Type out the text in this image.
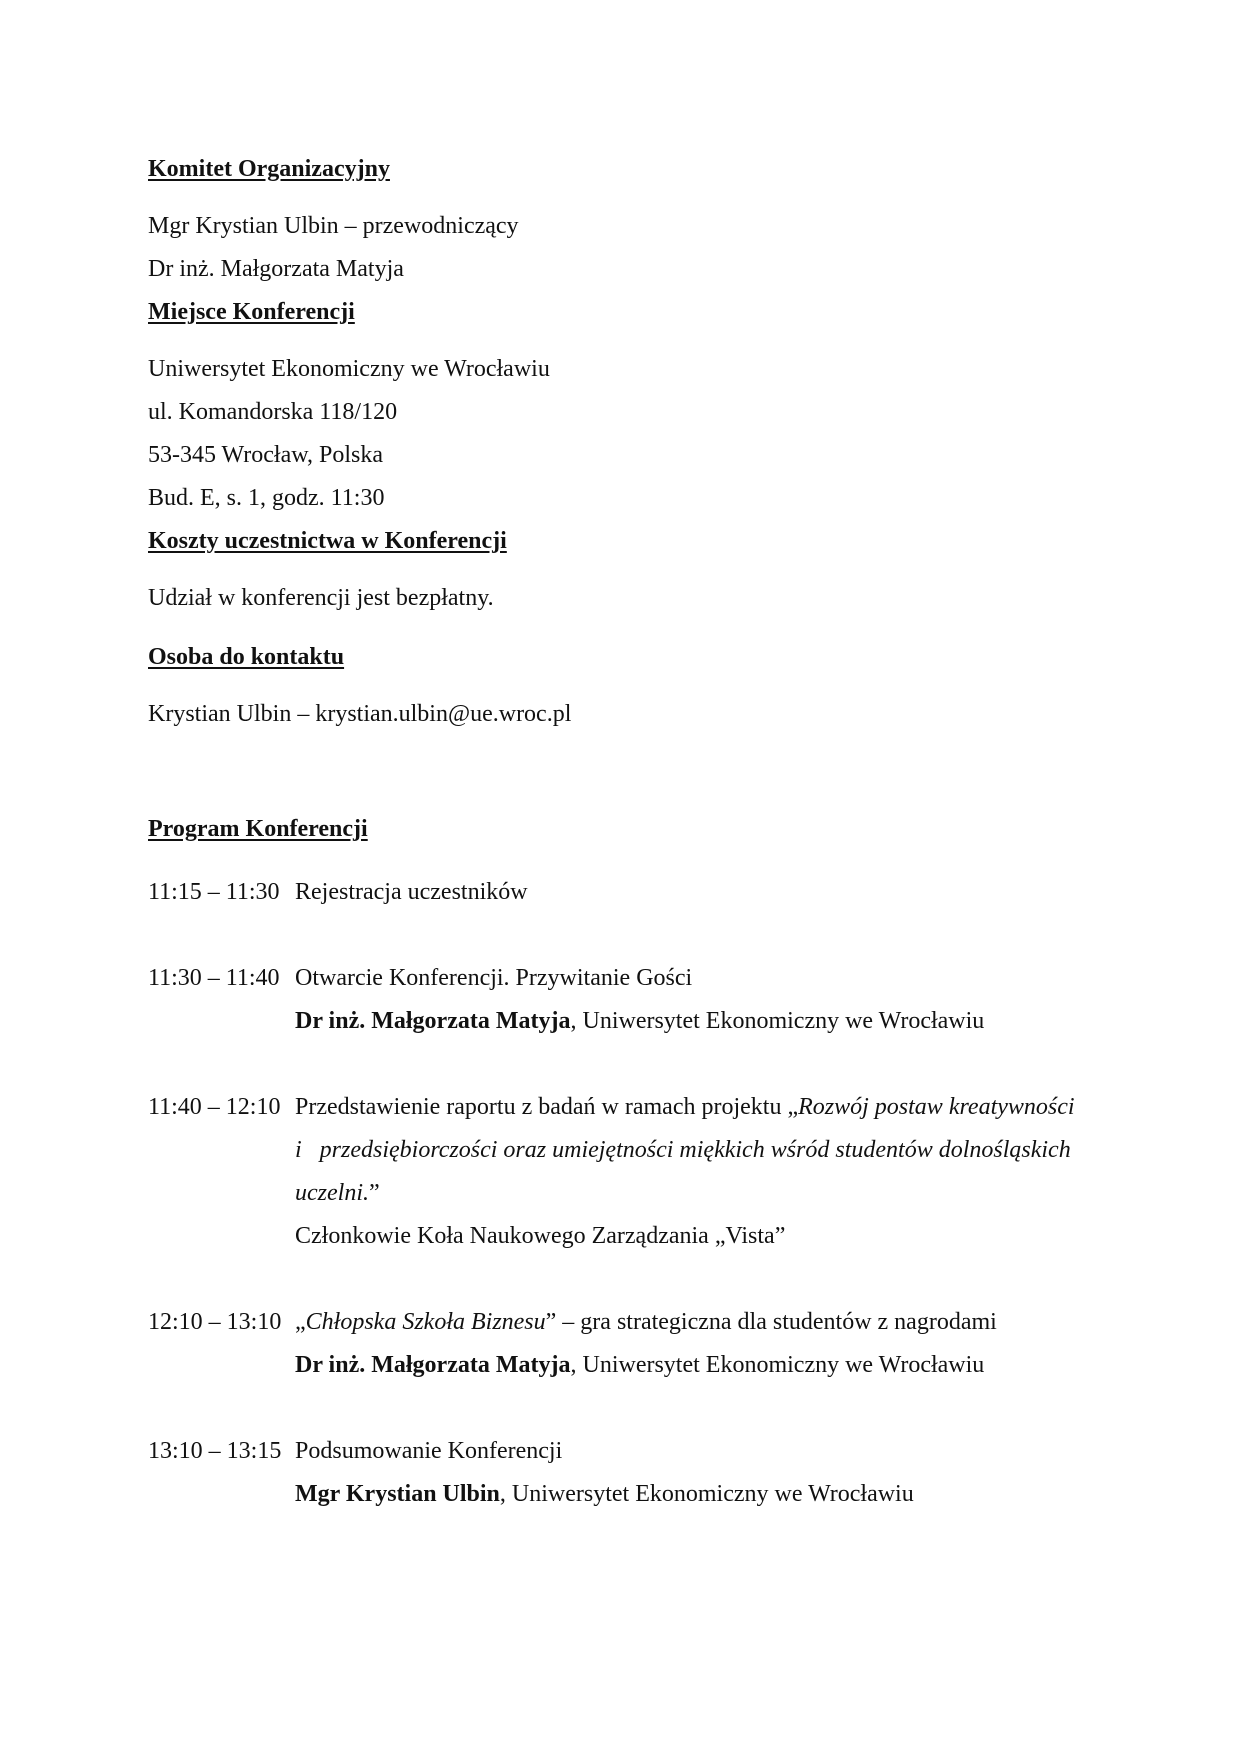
Komitet Organizacyjny

Mgr Krystian Ulbin – przewodniczący

Dr inż. Małgorzata Matyja

Miejsce Konferencji

Uniwersytet Ekonomiczny we Wrocławiu

ul. Komandorska 118/120

53-345 Wrocław, Polska

Bud. E, s. 1, godz. 11:30

Koszty uczestnictwa w Konferencji

Udział w konferencji jest bezpłatny.

Osoba do kontaktu

Krystian Ulbin – krystian.ulbin@ue.wroc.pl

Program Konferencji

11:15 – 11:30 Rejestracja uczestników

11:30 – 11:40 Otwarcie Konferencji. Przywitanie Gości

Dr inż. Małgorzata Matyja, Uniwersytet Ekonomiczny we Wrocławiu

11:40 – 12:10 Przedstawienie raportu z badań w ramach projektu „Rozwój postaw kreatywności

i   przedsiębiorczości oraz umiejętności miękkich wśród studentów dolnośląskich

uczelni.”

Członkowie Koła Naukowego Zarządzania „Vista”

12:10 – 13:10 „Chłopska Szkoła Biznesu” – gra strategiczna dla studentów z nagrodami

Dr inż. Małgorzata Matyja, Uniwersytet Ekonomiczny we Wrocławiu

13:10 – 13:15 Podsumowanie Konferencji

Mgr Krystian Ulbin, Uniwersytet Ekonomiczny we Wrocławiu
